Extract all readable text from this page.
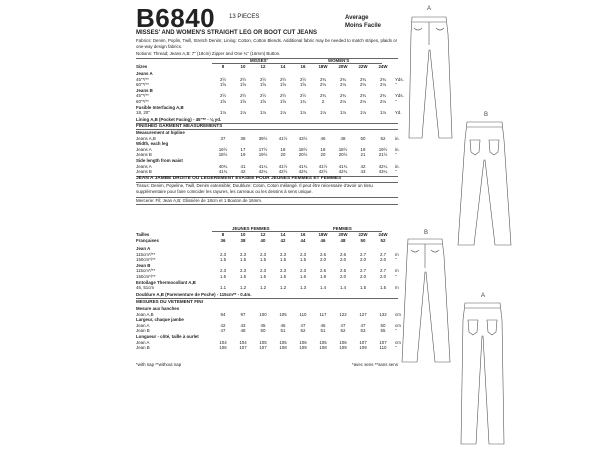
B6840 13 PIECES	Average
Moins Facile
MISSES' AND WOMEN'S STRAIGHT LEG OR BOOT CUT JEANS
Fabrics: Denim, Poplin, Twill, Stretch Denim; Lining: Cotton, Cotton Blends. Additional fabric may be needed to match stripes, plaids or one-way design fabrics.
Notions: Thread; Jeans A,B: 7" (18cm) Zipper and One ¾" (16mm) Button.
MISSES'	WOMEN'S
Sizes	8	10	12	14	16	18W	20W	22W	24W	
Jeans A										
45"*/**	2½	2½	2½	2½	2½	2¾	2¾	2¾	2¾	Yds.
60"*/**	1⅝	1⅝	1⅝	1⅝	1⅝	2⅛	2⅛	2⅛	2⅛	"
Jeans B										
45"*/**	2½	2½	2½	2½	2½	2¾	2¾	2¾	2¾	Yds.
60"*/**	1⅝	1⅝	1⅝	1⅝	1¾	2	2⅛	2⅛	2⅛	"
Fusible Interfacing A,B										
18, 20"	1⅛	1⅛	1⅛	1⅛	1⅛	1⅛	1⅛	1⅛	1⅛	Yd.
Lining A,B (Pocket Facing) - 45"** - ⅛ yd.
FINISHED GARMENT MEASUREMENTS
Measurement at hipline										
Jeans A,B	37	38	39½	41½	43½	46	48	50	52	in.
Width, each leg										
Jeans A	16½	17	17½	18	18½	18	18½	19	19½	in.
Jeans B	18½	19	19½	20	20½	20	20½	21	21½	"
Side length from waist										
Jeans A	40¾	41	41¼	41½	41¾	41½	41¾	42	42¼	in.
Jeans B	41¾	42	42¼	42½	42¾	42½	42¾	43	43¼	"
JEAN A JAMBE DROITE OU LEGEREMENT EVASEE POUR JEUNES FEMMES ET FEMMES
Tissus: Denim, Popeline, Twill, Denim extensible; Doublure: Coton, Coton mélangé. Il peut être nécessaire d'avoir un tissu supplémentaire pour faire coïncider les rayures, les carreaux ou les dessins à sens unique.
Mercerie: Fil; Jean A,B: Glissière de 18cm et 1 Bouton de 16mm.
JEUNES FEMMES	FEMMES
Tailles	8	10	12	14	16	18W	20W	22W	24W	
Françaises	36	38	40	42	44	46	48	50	52	
Jean A										
115cm*/**	2.3	2.3	2.3	2.3	2.3	2.6	2.6	2.7	2.7	m
150cm*/**	1.5	1.5	1.5	1.5	1.5	2.0	2.0	2.0	2.0	"
Jean B										
115cm*/**	2.3	2.3	2.3	2.3	2.3	2.5	2.5	2.7	2.7	m
150cm*/**	1.5	1.5	1.5	1.5	1.6	1.9	2.0	2.0	2.0	"
Entoilage Thermocollant A,B										
46, 51cm	1.1	1.2	1.2	1.2	1.3	1.4	1.4	1.5	1.5	m
Doublure A,B (Parementure de Poche) - 115cm** - 0.4m.
MESURES DU VETEMENT FINI
Mesure aux hanches										
Jean A,B	94	97	100	105	110	117	122	127	132	cm
Largeur, chaque jambe										
Jean A	42	43	45	46	47	46	47	47	50	cm
Jean B	47	48	50	51	52	51	52	53	55	"
Longueur - côté, taille à ourlet										
Jean A	104	104	105	105	106	105	106	107	107	cm
Jean B	106	107	107	108	109	108	109	109	110	"
*with nap **without nap	*avec sens **sans sens
A
B
B
A
